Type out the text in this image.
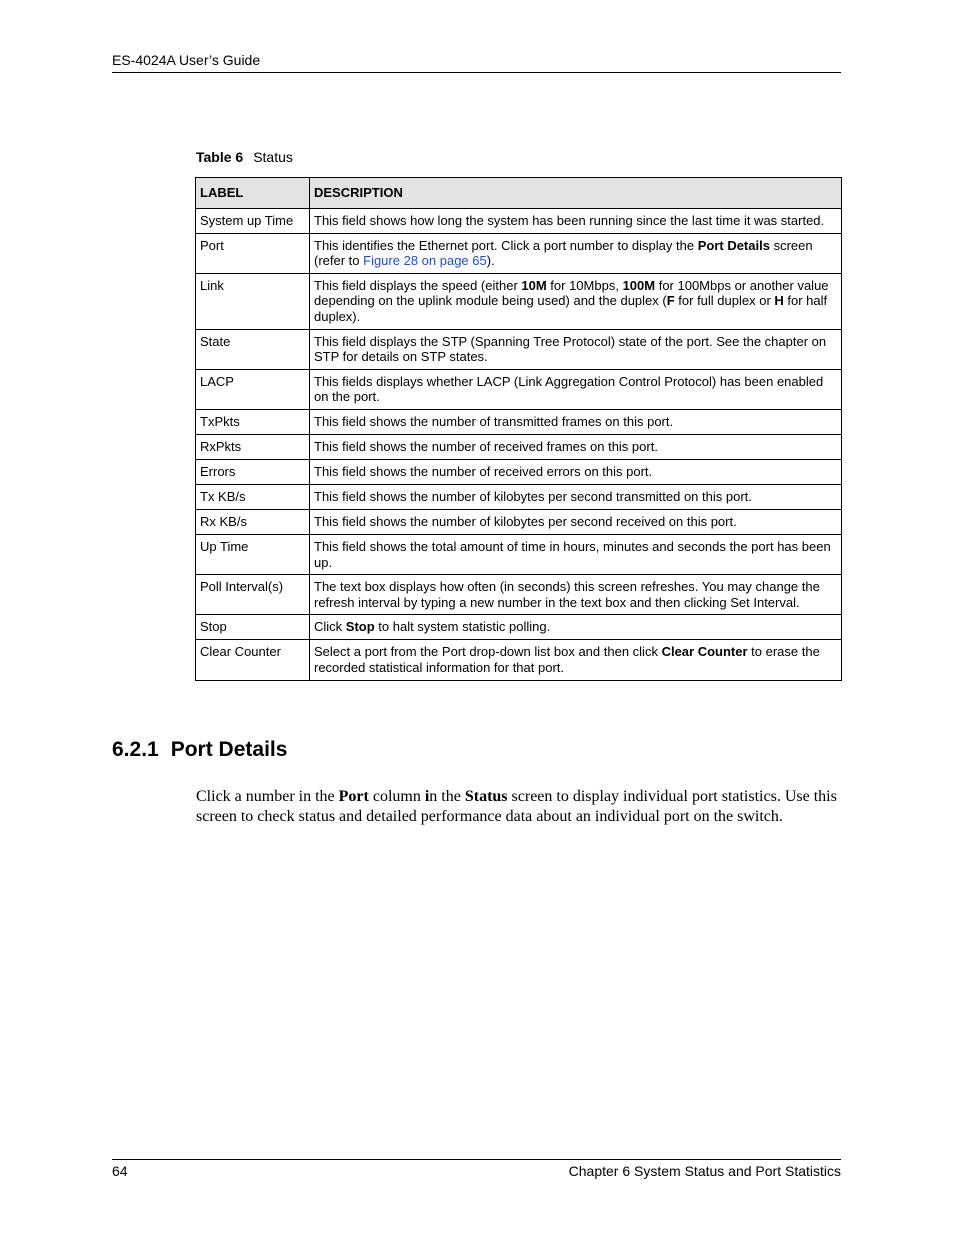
ES-4024A User’s Guide
Table 6 Status
LABEL	DESCRIPTION
System up Time	This field shows how long the system has been running since the last time it was started.
Port	This identifies the Ethernet port. Click a port number to display the Port Details screen (refer to Figure 28 on page 65).
Link	This field displays the speed (either 10M for 10Mbps, 100M for 100Mbps or another value depending on the uplink module being used) and the duplex (F for full duplex or H for half duplex).
State	This field displays the STP (Spanning Tree Protocol) state of the port. See the chapter on STP for details on STP states.
LACP	This fields displays whether LACP (Link Aggregation Control Protocol) has been enabled on the port.
TxPkts	This field shows the number of transmitted frames on this port.
RxPkts	This field shows the number of received frames on this port.
Errors	This field shows the number of received errors on this port.
Tx KB/s	This field shows the number of kilobytes per second transmitted on this port.
Rx KB/s	This field shows the number of kilobytes per second received on this port.
Up Time	This field shows the total amount of time in hours, minutes and seconds the port has been up.
Poll Interval(s)	The text box displays how often (in seconds) this screen refreshes. You may change the refresh interval by typing a new number in the text box and then clicking Set Interval.
Stop	Click Stop to halt system statistic polling.
Clear Counter	Select a port from the Port drop-down list box and then click Clear Counter to erase the recorded statistical information for that port.
6.2.1 Port Details

Click a number in the Port column in the Status screen to display individual port statistics. Use this screen to check status and detailed performance data about an individual port on the switch.

64	Chapter 6 System Status and Port Statistics
